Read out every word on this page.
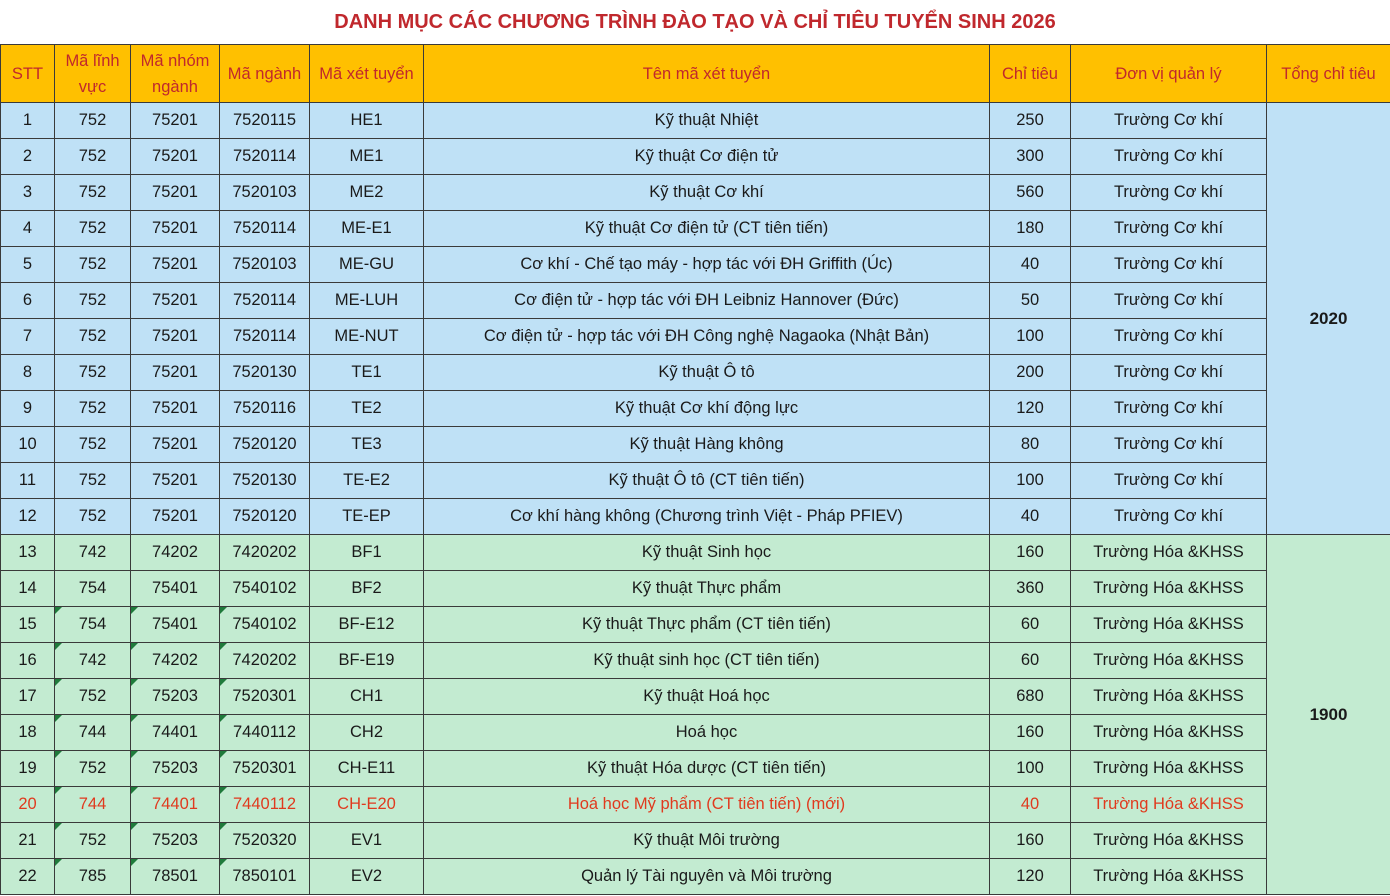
DANH MỤC CÁC CHƯƠNG TRÌNH ĐÀO TẠO VÀ CHỈ TIÊU TUYỂN SINH 2026
STT	Mã lĩnh vực	Mã nhóm ngành	Mã ngành	Mã xét tuyển	Tên mã xét tuyển	Chỉ tiêu	Đơn vị quản lý	Tổng chỉ tiêu
1	752	75201	7520115	HE1	Kỹ thuật Nhiệt	250	Trường Cơ khí	2020
2	752	75201	7520114	ME1	Kỹ thuật Cơ điện tử	300	Trường Cơ khí	
3	752	75201	7520103	ME2	Kỹ thuật Cơ khí	560	Trường Cơ khí	
4	752	75201	7520114	ME-E1	Kỹ thuật Cơ điện tử (CT tiên tiến)	180	Trường Cơ khí	
5	752	75201	7520103	ME-GU	Cơ khí - Chế tạo máy - hợp tác với ĐH Griffith (Úc)	40	Trường Cơ khí	
6	752	75201	7520114	ME-LUH	Cơ điện tử - hợp tác với ĐH Leibniz Hannover (Đức)	50	Trường Cơ khí	
7	752	75201	7520114	ME-NUT	Cơ điện tử - hợp tác với ĐH Công nghệ Nagaoka (Nhật Bản)	100	Trường Cơ khí	
8	752	75201	7520130	TE1	Kỹ thuật Ô tô	200	Trường Cơ khí	
9	752	75201	7520116	TE2	Kỹ thuật Cơ khí động lực	120	Trường Cơ khí	
10	752	75201	7520120	TE3	Kỹ thuật Hàng không	80	Trường Cơ khí	
11	752	75201	7520130	TE-E2	Kỹ thuật Ô tô (CT tiên tiến)	100	Trường Cơ khí	
12	752	75201	7520120	TE-EP	Cơ khí hàng không (Chương trình Việt - Pháp PFIEV)	40	Trường Cơ khí	
13	742	74202	7420202	BF1	Kỹ thuật Sinh học	160	Trường Hóa &KHSS	1900
14	754	75401	7540102	BF2	Kỹ thuật Thực phẩm	360	Trường Hóa &KHSS	
15	754	75401	7540102	BF-E12	Kỹ thuật Thực phẩm (CT tiên tiến)	60	Trường Hóa &KHSS	
16	742	74202	7420202	BF-E19	Kỹ thuật sinh học (CT tiên tiến)	60	Trường Hóa &KHSS	
17	752	75203	7520301	CH1	Kỹ thuật Hoá học	680	Trường Hóa &KHSS	
18	744	74401	7440112	CH2	Hoá học	160	Trường Hóa &KHSS	
19	752	75203	7520301	CH-E11	Kỹ thuật Hóa dược (CT tiên tiến)	100	Trường Hóa &KHSS	
20	744	74401	7440112	CH-E20	Hoá học Mỹ phẩm (CT tiên tiến) (mới)	40	Trường Hóa &KHSS	
21	752	75203	7520320	EV1	Kỹ thuật Môi trường	160	Trường Hóa &KHSS	
22	785	78501	7850101	EV2	Quản lý Tài nguyên và Môi trường	120	Trường Hóa &KHSS	
